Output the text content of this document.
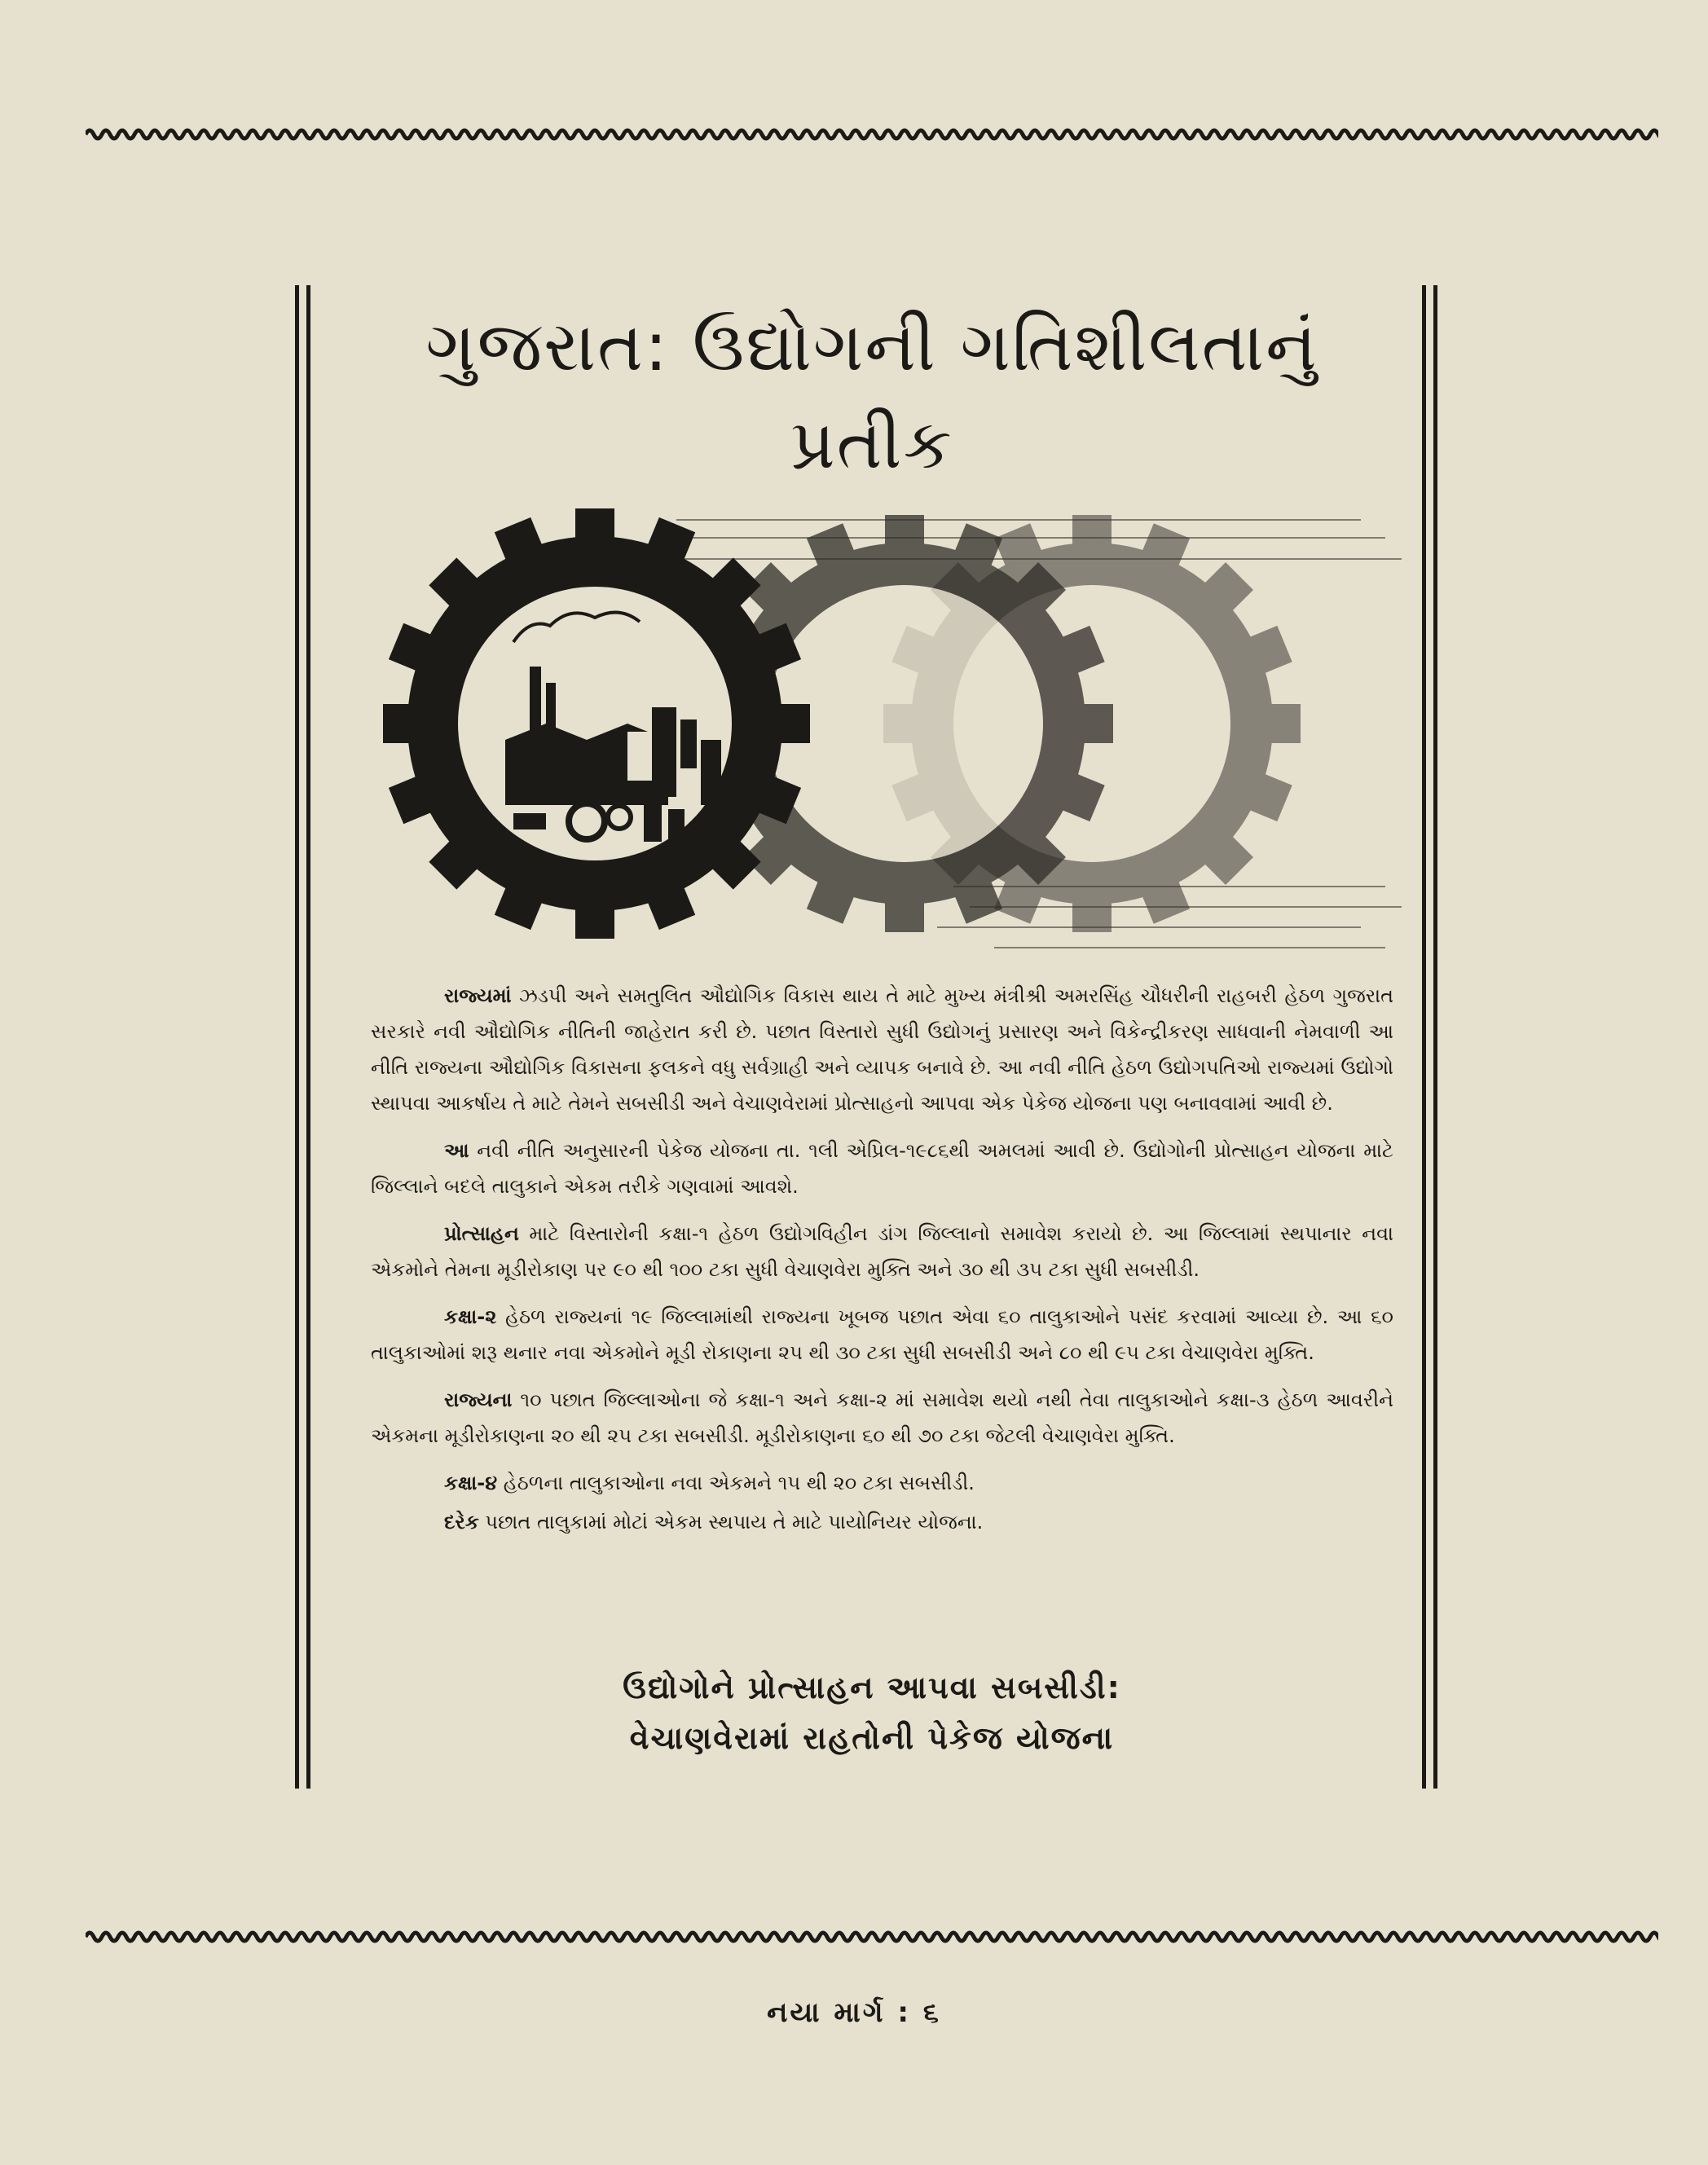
ગુજરાત: ઉદ્યોગની ગતિશીલતાનું પ્રતીક

રાજ્યમાં ઝડપી અને સમતુલિત ઔદ્યોગિક વિકાસ થાય તે માટે મુખ્ય મંત્રીશ્રી અમરસિંહ ચૌધરીની રાહબરી હેઠળ ગુજરાત સરકારે નવી ઔદ્યોગિક નીતિની જાહેરાત કરી છે. પછાત વિસ્તારો સુધી ઉદ્યોગનું પ્રસારણ અને વિકેન્દ્રીકરણ સાધવાની નેમવાળી આ નીતિ રાજ્યના ઔદ્યોગિક વિકાસના ફલકને વધુ સર્વગ્રાહી અને વ્યાપક બનાવે છે. આ નવી નીતિ હેઠળ ઉદ્યોગપતિઓ રાજ્યમાં ઉદ્યોગો સ્થાપવા આકર્ષાય તે માટે તેમને સબસીડી અને વેચાણવેરામાં પ્રોત્સાહનો આપવા એક પેકેજ યોજના પણ બનાવવામાં આવી છે.

આ નવી નીતિ અનુસારની પેકેજ યોજના તા. ૧લી એપ્રિલ-૧૯૮૬થી અમલમાં આવી છે. ઉદ્યોગોની પ્રોત્સાહન યોજના માટે જિલ્લાને બદલે તાલુકાને એકમ તરીકે ગણવામાં આવશે.

પ્રોત્સાહન માટે વિસ્તારોની કક્ષા-૧ હેઠળ ઉદ્યોગવિહીન ડાંગ જિલ્લાનો સમાવેશ કરાયો છે. આ જિલ્લામાં સ્થપાનાર નવા એકમોને તેમના મૂડીરોકાણ પર ૯૦ થી ૧૦૦ ટકા સુધી વેચાણવેરા મુક્તિ અને ૩૦ થી ૩૫ ટકા સુધી સબસીડી.

કક્ષા-૨ હેઠળ રાજ્યનાં ૧૯ જિલ્લામાંથી રાજ્યના ખૂબજ પછાત એવા ૬૦ તાલુકાઓને પસંદ કરવામાં આવ્યા છે. આ ૬૦ તાલુકાઓમાં શરૂ થનાર નવા એકમોને મૂડી રોકાણના ૨૫ થી ૩૦ ટકા સુધી સબસીડી અને ૮૦ થી ૯૫ ટકા વેચાણવેરા મુક્તિ.

રાજ્યના ૧૦ પછાત જિલ્લાઓના જે કક્ષા-૧ અને કક્ષા-૨ માં સમાવેશ થયો નથી તેવા તાલુકાઓને કક્ષા-૩ હેઠળ આવરીને એકમના મૂડીરોકાણના ૨૦ થી ૨૫ ટકા સબસીડી. મૂડીરોકાણના ૬૦ થી ૭૦ ટકા જેટલી વેચાણવેરા મુક્તિ.

કક્ષા-૪ હેઠળના તાલુકાઓના નવા એકમને ૧૫ થી ૨૦ ટકા સબસીડી.

દરેક પછાત તાલુકામાં મોટાં એકમ સ્થપાય તે માટે પાયોનિયર યોજના.

ઉદ્યોગોને પ્રોત્સાહન આપવા સબસીડી:
વેચાણવેરામાં રાહતોની પેકેજ યોજના
નયા માર્ગ : ૬
